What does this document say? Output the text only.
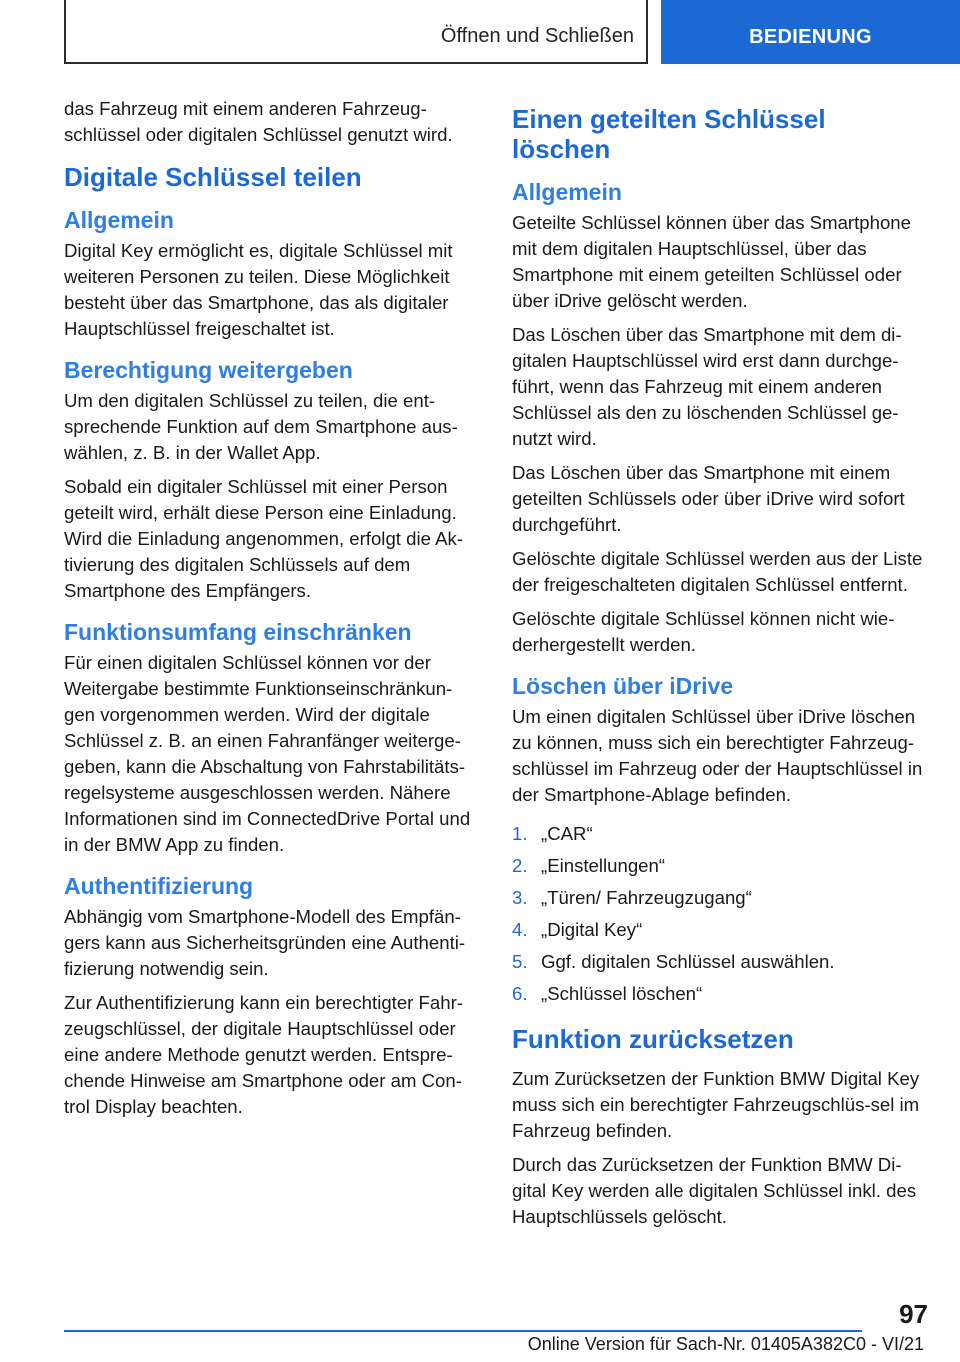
Öffnen und Schließen	BEDIENUNG

das Fahrzeug mit einem anderen Fahrzeug-schlüssel oder digitalen Schlüssel genutzt wird.

Digitale Schlüssel teilen
Allgemein

Digital Key ermöglicht es, digitale Schlüssel mit weiteren Personen zu teilen. Diese Möglichkeit besteht über das Smartphone, das als digitaler Hauptschlüssel freigeschaltet ist.

Berechtigung weitergeben

Um den digitalen Schlüssel zu teilen, die ent-sprechende Funktion auf dem Smartphone aus-wählen, z. B. in der Wallet App.

Sobald ein digitaler Schlüssel mit einer Person geteilt wird, erhält diese Person eine Einladung. Wird die Einladung angenommen, erfolgt die Ak-tivierung des digitalen Schlüssels auf dem Smartphone des Empfängers.

Funktionsumfang einschränken

Für einen digitalen Schlüssel können vor der Weitergabe bestimmte Funktionseinschränkun-gen vorgenommen werden. Wird der digitale Schlüssel z. B. an einen Fahranfänger weiterge-geben, kann die Abschaltung von Fahrstabilitäts-regelsysteme ausgeschlossen werden. Nähere Informationen sind im ConnectedDrive Portal und in der BMW App zu finden.

Authentifizierung

Abhängig vom Smartphone-Modell des Empfän-gers kann aus Sicherheitsgründen eine Authenti-fizierung notwendig sein.

Zur Authentifizierung kann ein berechtigter Fahr-zeugschlüssel, der digitale Hauptschlüssel oder eine andere Methode genutzt werden. Entspre-chende Hinweise am Smartphone oder am Con-trol Display beachten.

Einen geteilten Schlüssel löschen
Allgemein

Geteilte Schlüssel können über das Smartphone mit dem digitalen Hauptschlüssel, über das Smartphone mit einem geteilten Schlüssel oder über iDrive gelöscht werden.

Das Löschen über das Smartphone mit dem di-gitalen Hauptschlüssel wird erst dann durchge-führt, wenn das Fahrzeug mit einem anderen Schlüssel als den zu löschenden Schlüssel ge-nutzt wird.

Das Löschen über das Smartphone mit einem geteilten Schlüssels oder über iDrive wird sofort durchgeführt.

Gelöschte digitale Schlüssel werden aus der Liste der freigeschalteten digitalen Schlüssel entfernt.

Gelöschte digitale Schlüssel können nicht wie-derhergestellt werden.

Löschen über iDrive

Um einen digitalen Schlüssel über iDrive löschen zu können, muss sich ein berechtigter Fahrzeug-schlüssel im Fahrzeug oder der Hauptschlüssel in der Smartphone-Ablage befinden.

1. „CAR“
2. „Einstellungen“
3. „Türen/ Fahrzeugzugang“
4. „Digital Key“
5. Ggf. digitalen Schlüssel auswählen.
6. „Schlüssel löschen“
Funktion zurücksetzen

Zum Zurücksetzen der Funktion BMW Digital Key muss sich ein berechtigter Fahrzeugschlüs-sel im Fahrzeug befinden.

Durch das Zurücksetzen der Funktion BMW Di-gital Key werden alle digitalen Schlüssel inkl. des Hauptschlüssels gelöscht.

97
Online Version für Sach-Nr. 01405A382C0 - VI/21
